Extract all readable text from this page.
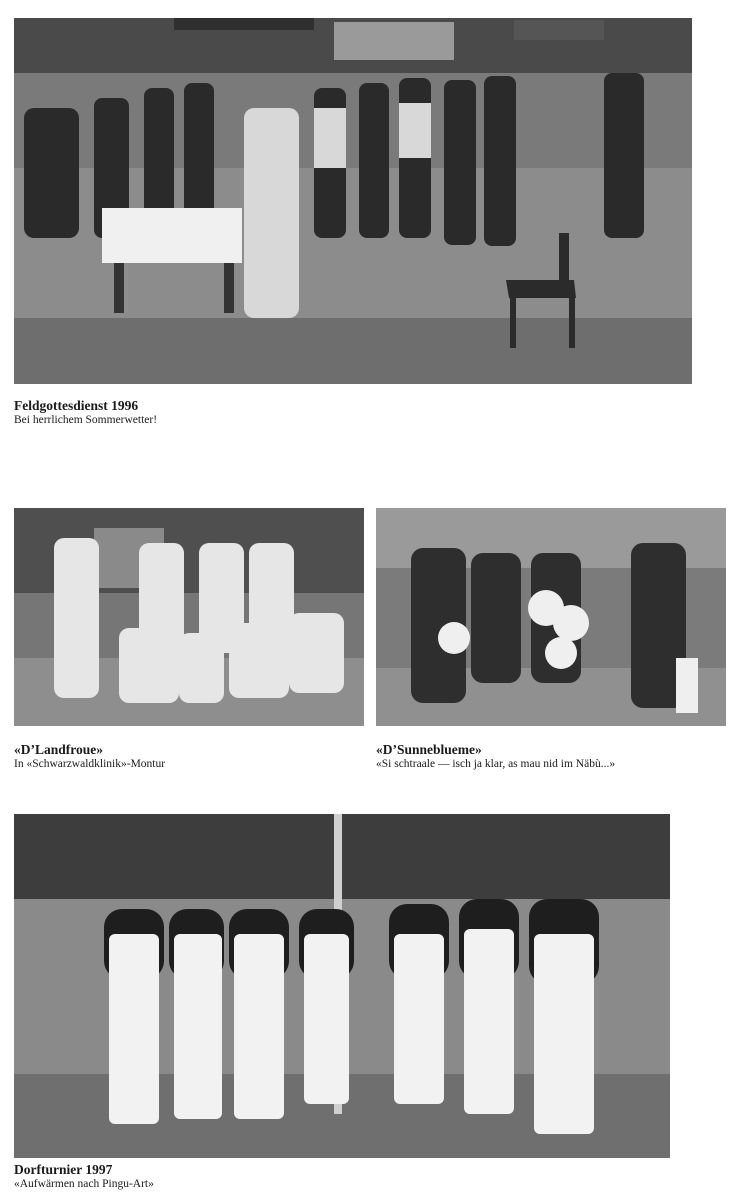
Feldgottesdienst 1996
Bei herrlichem Sommerwetter!
«D’Landfroue»
In «Schwarzwaldklinik»-Montur
«D’Sunneblueme»
«Si schtraale — isch ja klar, as mau nid im Näbù...»
Dorfturnier 1997
«Aufwärmen nach Pingu-Art»
